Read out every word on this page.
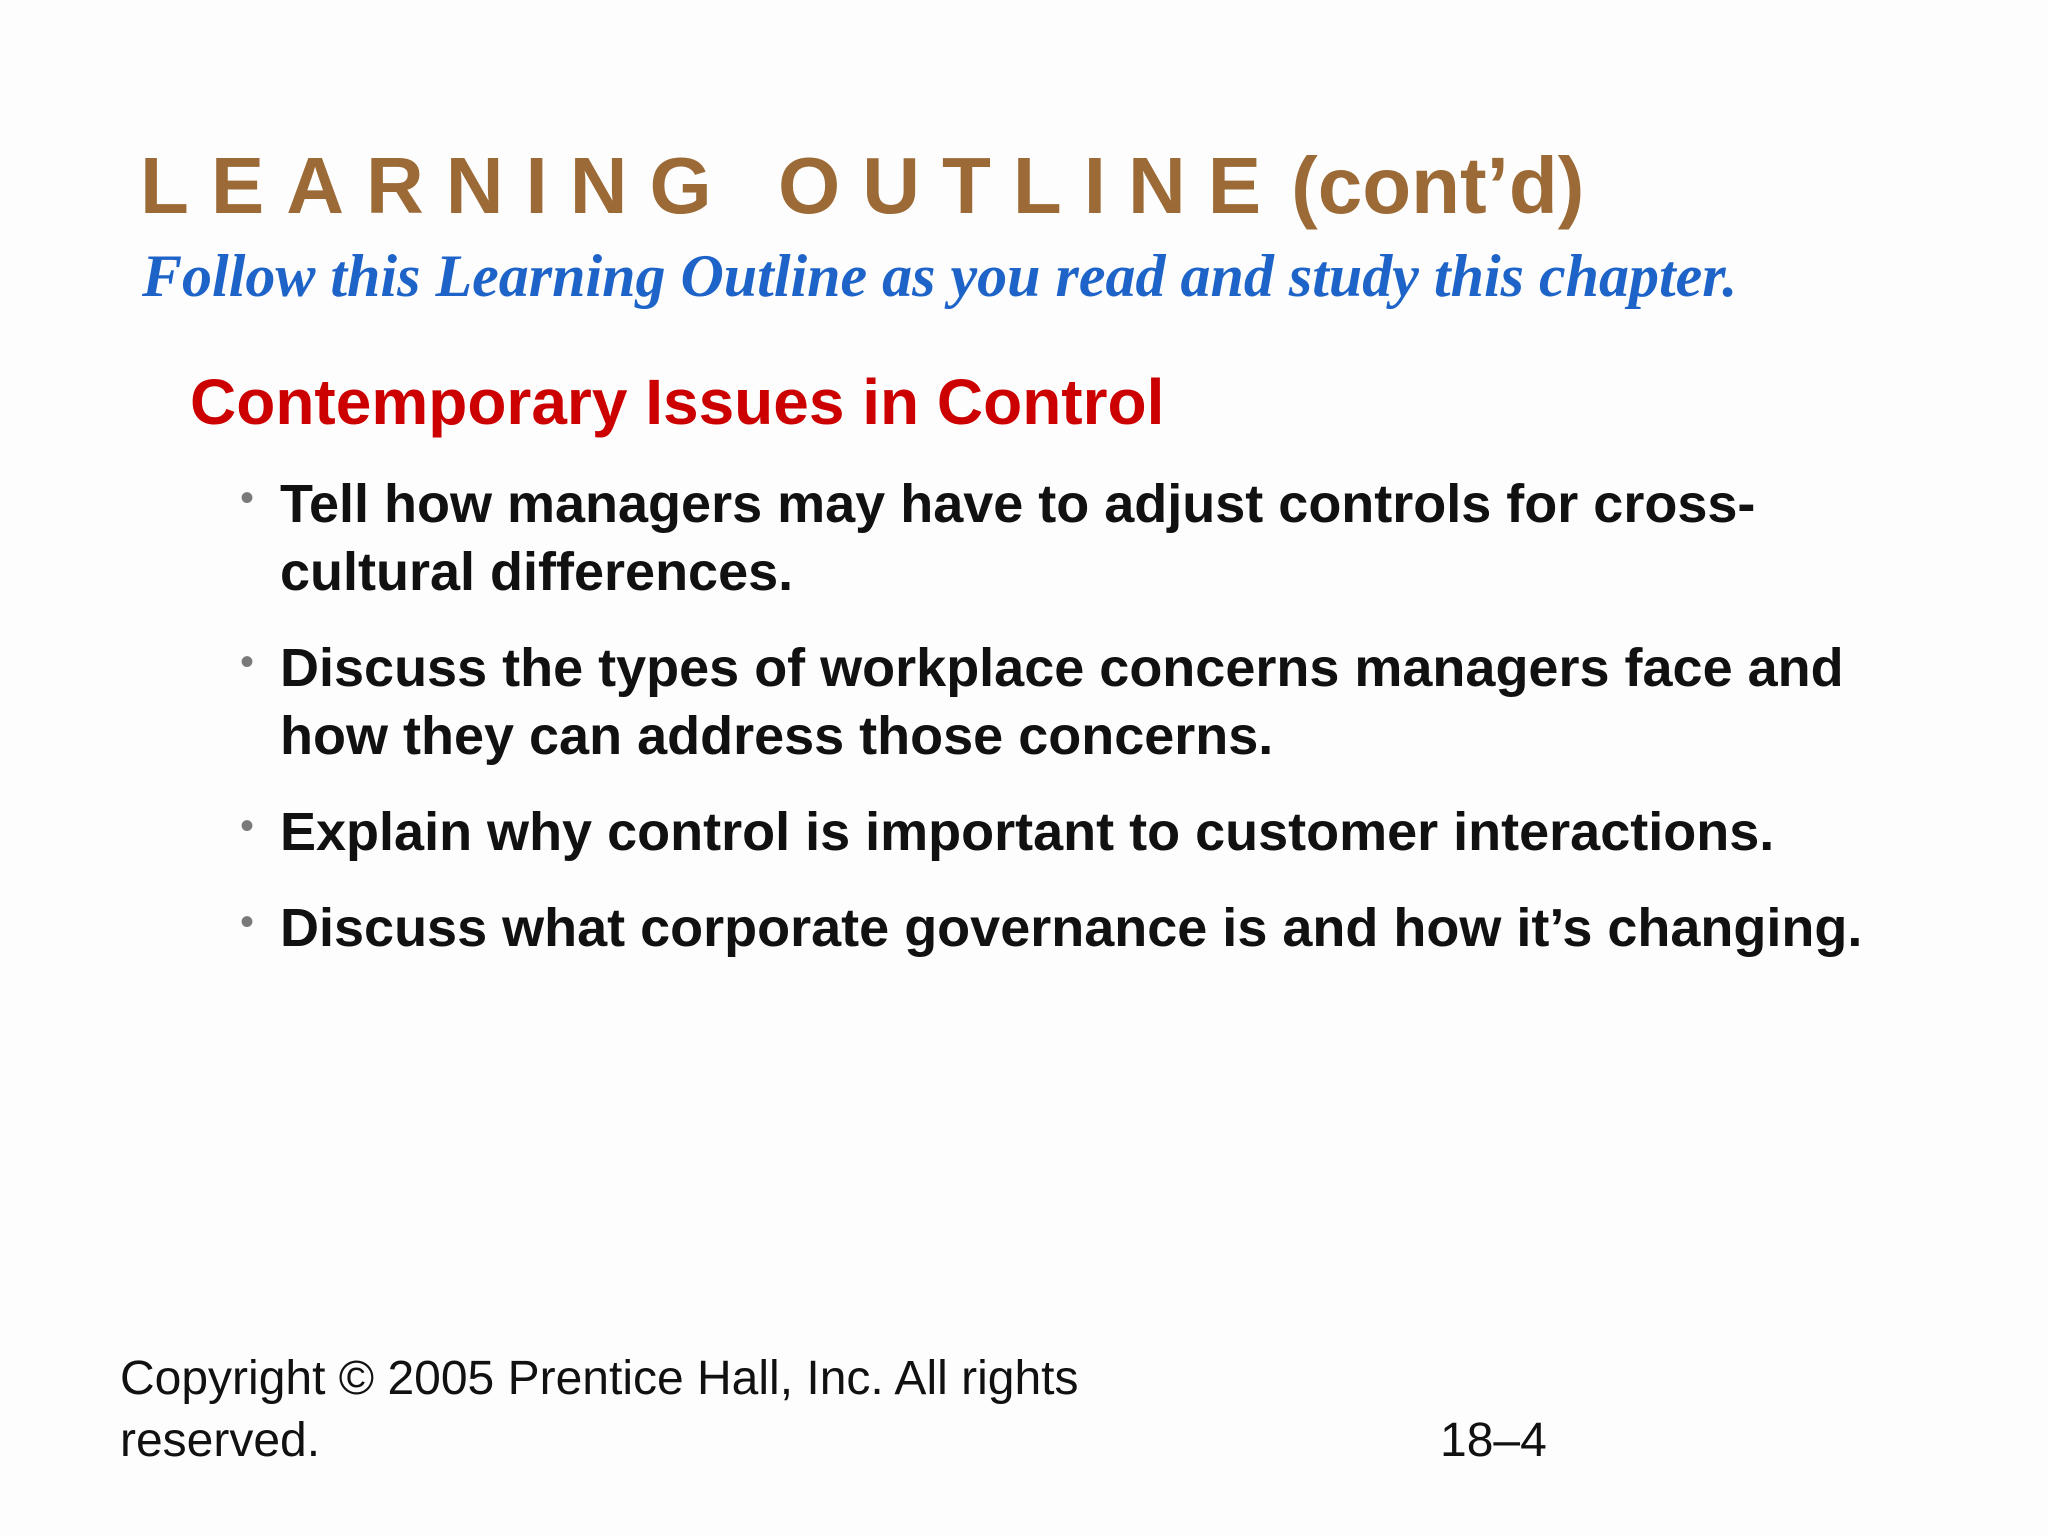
LEARNING OUTLINE (cont’d)

Follow this Learning Outline as you read and study this chapter.

Contemporary Issues in Control
• Tell how managers may have to adjust controls for cross-cultural differences.
• Discuss the types of workplace concerns managers face and how they can address those concerns.
• Explain why control is important to customer interactions.
• Discuss what corporate governance is and how it’s changing.

Copyright © 2005 Prentice Hall, Inc. All rights reserved.	18–4
